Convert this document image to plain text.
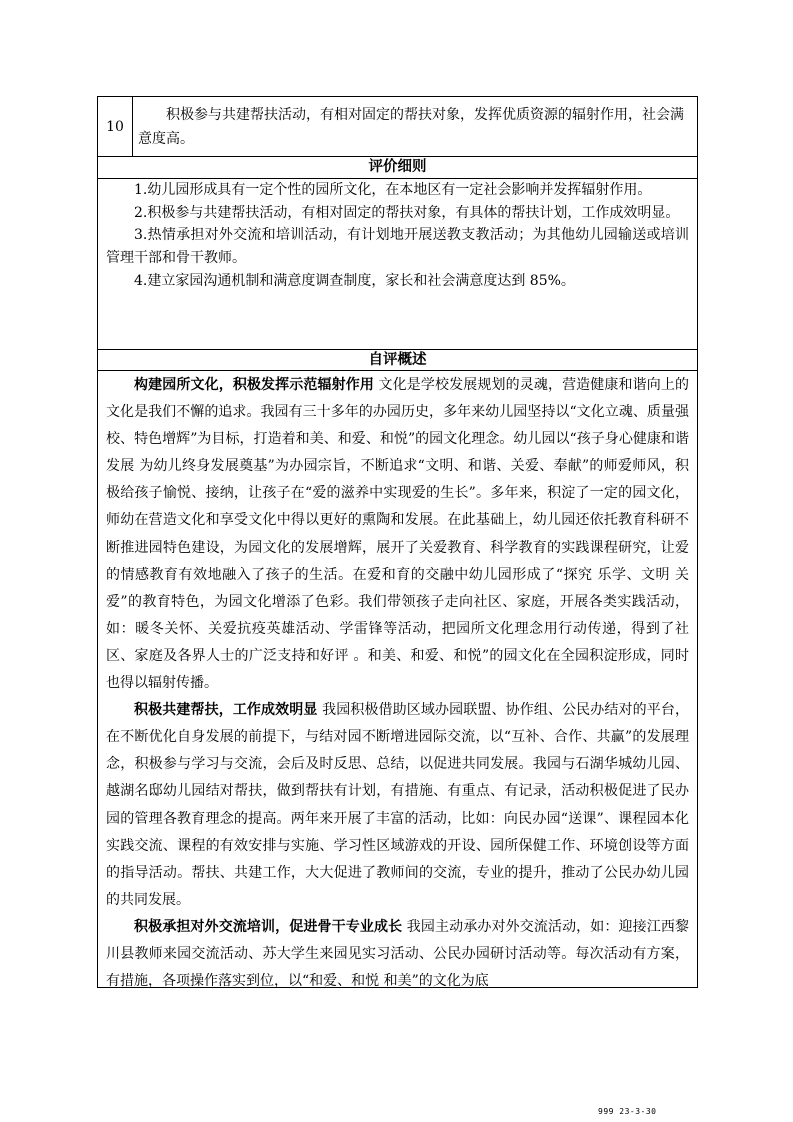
10
积极参与共建帮扶活动，有相对固定的帮扶对象，发挥优质资源的辐射作用，社会满意度高。
评价细则

1.幼儿园形成具有一定个性的园所文化，在本地区有一定社会影响并发挥辐射作用。

2.积极参与共建帮扶活动，有相对固定的帮扶对象，有具体的帮扶计划，工作成效明显。

3.热情承担对外交流和培训活动，有计划地开展送教支教活动；为其他幼儿园输送或培训管理干部和骨干教师。

4.建立家园沟通机制和满意度调查制度，家长和社会满意度达到 85%。

自评概述

构建园所文化，积极发挥示范辐射作用 文化是学校发展规划的灵魂，营造健康和谐向上的文化是我们不懈的追求。我园有三十多年的办园历史，多年来幼儿园坚持以“文化立魂、质量强校、特色增辉”为目标，打造着和美、和爱、和悦”的园文化理念。幼儿园以“孩子身心健康和谐发展 为幼儿终身发展奠基”为办园宗旨，不断追求“文明、和谐、关爱、奉献”的师爱师风，积极给孩子愉悦、接纳，让孩子在“爱的滋养中实现爱的生长”。多年来，积淀了一定的园文化，师幼在营造文化和享受文化中得以更好的熏陶和发展。在此基础上，幼儿园还依托教育科研不断推进园特色建设，为园文化的发展增辉，展开了关爱教育、科学教育的实践课程研究，让爱的情感教育有效地融入了孩子的生活。在爱和育的交融中幼儿园形成了“探究 乐学、文明 关爱”的教育特色，为园文化增添了色彩。我们带领孩子走向社区、家庭，开展各类实践活动，如：暖冬关怀、关爱抗疫英雄活动、学雷锋等活动，把园所文化理念用行动传递，得到了社区、家庭及各界人士的广泛支持和好评 。和美、和爱、和悦”的园文化在全园积淀形成，同时也得以辐射传播。

积极共建帮扶，工作成效明显 我园积极借助区域办园联盟、协作组、公民办结对的平台，在不断优化自身发展的前提下，与结对园不断增进园际交流，以“互补、合作、共赢”的发展理念，积极参与学习与交流，会后及时反思、总结，以促进共同发展。我园与石湖华城幼儿园、越湖名邸幼儿园结对帮扶，做到帮扶有计划，有措施、有重点、有记录，活动积极促进了民办园的管理各教育理念的提高。两年来开展了丰富的活动，比如：向民办园“送课”、课程园本化实践交流、课程的有效安排与实施、学习性区域游戏的开设、园所保健工作、环境创设等方面的指导活动。帮扶、共建工作，大大促进了教师间的交流，专业的提升，推动了公民办幼儿园的共同发展。

积极承担对外交流培训，促进骨干专业成长 我园主动承办对外交流活动，如：迎接江西黎川县教师来园交流活动、苏大学生来园见实习活动、公民办园研讨活动等。每次活动有方案，有措施，各项操作落实到位，以“和爱、和悦 和美”的文化为底

999 23-3-30
